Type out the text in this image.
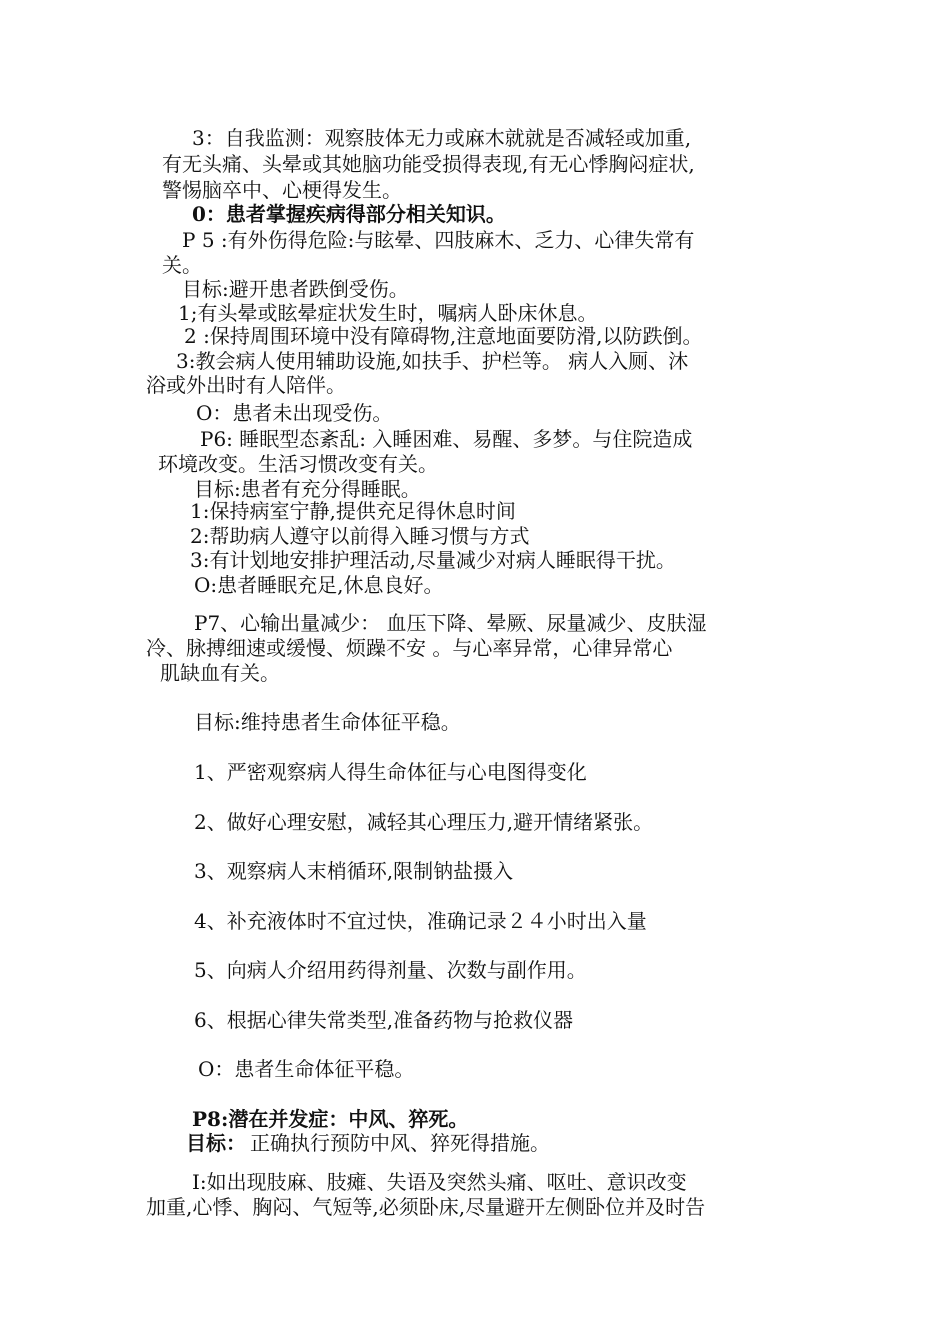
3：自我监测：观察肢体无力或麻木就就是否减轻或加重,

有无头痛、头晕或其她脑功能受损得表现,有无心悸胸闷症状,

警惕脑卒中、心梗得发生。

0：患者掌握疾病得部分相关知识。

P 5 :有外伤得危险:与眩晕、四肢麻木、乏力、心律失常有

关。

目标:避开患者跌倒受伤。

1;有头晕或眩晕症状发生时，嘱病人卧床休息。

2 :保持周围环境中没有障碍物,注意地面要防滑,以防跌倒。

3:教会病人使用辅助设施,如扶手、护栏等。 病人入厕、沐

浴或外出时有人陪伴。

O：患者未出现受伤。

P6: 睡眠型态紊乱: 入睡困难、易醒、多梦。与住院造成

环境改变。生活习惯改变有关。

目标:患者有充分得睡眠。

1:保持病室宁静,提供充足得休息时间

2:帮助病人遵守以前得入睡习惯与方式

3:有计划地安排护理活动,尽量减少对病人睡眠得干扰。

O:患者睡眠充足,休息良好。

P7、心输出量减少： 血压下降、晕厥、尿量减少、皮肤湿

冷、脉搏细速或缓慢、烦躁不安 。与心率异常，心律异常心

肌缺血有关。

目标:维持患者生命体征平稳。

1、严密观察病人得生命体征与心电图得变化

2、做好心理安慰，减轻其心理压力,避开情绪紧张。

3、观察病人末梢循环,限制钠盐摄入

4、补充液体时不宜过快，准确记录２４小时出入量

5、向病人介绍用药得剂量、次数与副作用。

6、根据心律失常类型,准备药物与抢救仪器

O：患者生命体征平稳。

P8:潜在并发症：中风、猝死。

目标： 正确执行预防中风、猝死得措施。

I:如出现肢麻、肢瘫、失语及突然头痛、呕吐、意识改变

加重,心悸、胸闷、气短等,必须卧床,尽量避开左侧卧位并及时告
